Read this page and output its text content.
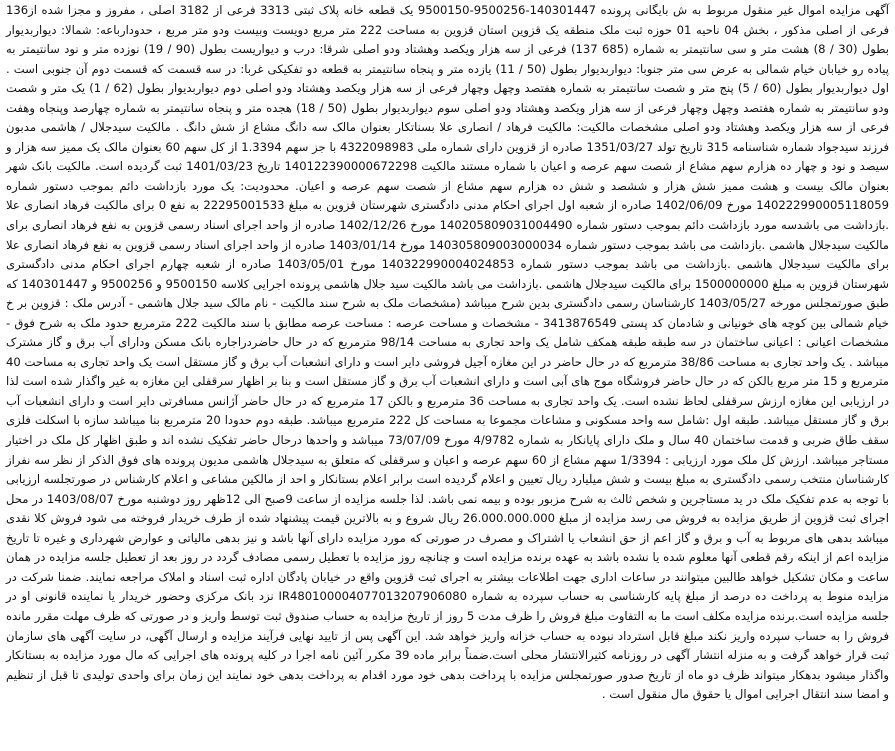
آگهی مزایده اموال غیر منقول مربوط به ش بایگانی پرونده 140301447-9500256-9500150 یک قطعه خانه پلاک ثبتی 3313 فرعی از 3182 اصلی ، مفروز و مجزا شده از136 فرعی از اصلی مذکور ، بخش 04 ناحیه 01 حوزه ثبت ملک منطقه یک قزوین استان قزوین به مساحت 222 متر مربع دویست وبیست ودو متر مربع ، حدودارباعه: شمالا: دیواربدیوار بطول (30 / 8) هشت متر و سی سانتیمتر به شماره (685 137) فرعی از سه هزار ویکصد وهشتاد ودو اصلی شرقا: درب و دیواریست بطول (90 / 19) نوزده متر و نود سانتیمتر به پیاده رو خیابان خیام شمالی به عرض سی متر جنوبا: دیواربدیوار بطول (50 / 11) یازده متر و پنجاه سانتیمتر به قطعه دو تفکیکی غربا: در سه قسمت که قسمت دوم آن جنوبی است . اول دیواربدیوار بطول (60 / 5) پنج متر و شصت سانتیمتر به شماره هفتصد وچهل وچهار فرعی از سه هزار ویکصد وهشتاد ودو اصلی دوم دیواربدیوار بطول (62 / 1) یک متر و شصت ودو سانتیمتر به شماره هفتصد وچهل وچهار فرعی از سه هزار ویکصد وهشتاد ودو اصلی سوم دیواربدیوار بطول (50 / 18) هجده متر و پنجاه سانتیمتر به شماره چهارصد وپنجاه وهفت فرعی از سه هزار ویکصد وهشتاد ودو اصلی مشخصات مالکیت: مالکیت فرهاد / انصاری علا بسناتکار بعنوان مالک سه دانگ مشاع از شش دانگ . مالکیت سیدجلال / هاشمی مدبون فرزند سیدجواد شماره شناسنامه 315 تاریخ تولد 1351/03/27 صادره از قزوین دارای شماره ملی 4322098983 با جز سهم 1.3394 از کل سهم 60 بعنوان مالک یک ممیز سه هزار و سیصد و نود و چهار ده هزارم سهم مشاع از شصت سهم عرصه و اعیان با شماره مستند مالکیت 140122390000672298 تاریخ 1401/03/23 ثبت گردیده است. مالکیت بانک شهر بعنوان مالک بیست و هشت ممیز شش هزار و ششصد و شش ده هزارم سهم مشاع از شصت سهم عرصه و اعیان. محدودیت: یک مورد بازداشت دائم بموجب دستور شماره 140222990005118059 مورخ 1402/06/09 صادره از شعبه اول اجرای احکام مدنی دادگستری شهرستان قزوین به مبلغ 22295001533 به نفع 0 برای مالکیت فرهاد انصاری علا .بازداشت می باشدسه مورد بازداشت دائم بموجب دستور شماره 140205809031004490 مورخ 1402/12/26 صادره از واحد اجرای اسناد رسمی قزوین به نفع فرهاد انصاری برای مالکیت سیدجلال هاشمی .بازداشت می باشد بموجب دستور شماره 140305809003000034 مورخ 1403/01/14 صادره از واحد اجرای اسناد رسمی قزوین به نفع فرهاد انصاری علا برای مالکیت سیدجلال هاشمی .بازداشت می باشد بموجب دستور شماره 140322990004024853 مورخ 1403/05/01 صادره از شعبه چهارم اجرای احکام مدنی دادگستری شهرستان قزوین به مبلغ 1500000000 برای مالکیت سیدجلال هاشمی .بازداشت می باشد مالکیت سید جلال هاشمی پرونده اجرایی کلاسه 9500150 و 9500256 و 140301447 که طبق صورتمجلس مورخه 1403/05/27 کارشناسان رسمی دادگستری بدین شرح میباشد (مشخصات ملک به شرح سند مالکیت - نام مالک سید جلال هاشمی - آدرس ملک : قزوین بر خ خیام شمالی بین کوچه های خونیانی و شادمان کد پستی 3413876549 - مشخصات و مساحت عرصه : مساحت عرصه مطابق با سند مالکیت 222 مترمربع حدود ملک به شرح فوق - مشخصات اعیانی : اعیانی ساختمان در سه طبقه طبقه همکف شامل یک واحد تجاری به مساحت 98/14 مترمربع که در حال حاضردراجاره بانک مسکن ودارای آب برق و گاز مشترک میباشد . یک واحد تجاری به مساحت 38/86 مترمربع که در حال حاضر در این مغازه آجیل فروشی دایر است و دارای انشعبات آب برق و گاز مستقل است یک واحد تجاری به مساحت 40 مترمربع و 15 متر مربع بالکن که در حال حاضر فروشگاه موج های آبی است و دارای انشعبات آب برق و گاز مستقل است و بنا بر اظهار سرقفلی این مغازه به غیر واگذار شده است لذا در ارزیابی این مغازه ارزش سرقفلی لحاظ نشده است. یک واحد تجاری به مساحت 36 مترمربع و بالکن 17 مترمربع که در حال حاضر آژانس مسافرتی دایر است و دارای انشعبات آب برق و گاز مستقل میباشد. طبقه اول :شامل سه واحد مسکونی و مشاعات مجموعا به مساحت کل 222 مترمربع میباشد. طبقه دوم حدودا 20 مترمربع بنا میباشد سازه با اسکلت فلزی سقف طاق ضربی و قدمت ساختمان 40 سال و ملک دارای پایانکار به شماره 4/9782 مورخ 73/07/09 میباشد و واحدها درحال حاضر تفکیک نشده اند و طبق اظهار کل ملک در اختیار مستاجر میباشد. ارزش کل ملک مورد ارزیابی : 1/3394 سهم مشاع از 60 سهم عرصه و اعیان و سرقفلی که متعلق به سیدجلال هاشمی مدیون پرونده های فوق الذکر از نظر سه نفراز کارشناسان منتخب رسمی دادگستری به مبلغ بیست و شش میلیارد ریال تعیین و اعلام گردیده است برابر اعلام بستانکار و احد از مالکین مشاعی و اعلام کارشناس در صورتجلسه ارزیابی با توجه به عدم تفکیک ملک در ید مستاجرین و شخص ثالث به شرح مزبور بوده و بیمه نمی باشد. لذا جلسه مزایده از ساعت 9صبح الی 12ظهر روز دوشنبه مورخ 1403/08/07 در محل اجرای ثبت قزوین از طریق مزایده به فروش می رسد مزایده از مبلغ 26.000.000.000 ریال شروع و به بالاترین قیمت پیشنهاد شده از طرف خریدار فروخته می شود فروش کلا نقدی میباشد بدهی های مربوط به آب و برق و گاز اعم از حق انشعاب یا اشتراک و مصرف در صورتی که مورد مزایده دارای آنها باشد و نیز بدهی مالیاتی و عوارض شهرداری و غیره تا تاریخ مزایده اعم از اینکه رقم قطعی آنها معلوم شده یا نشده باشد به عهده برنده مزایده است و چنانچه روز مزایده با تعطیل رسمی مصادف گردد در روز بعد از تعطیل جلسه مزایده در همان ساعت و مکان تشکیل خواهد طالبین میتوانند در ساعات اداری جهت اطلاعات بیشتر به اجرای ثبت قزوین واقع در خیابان پادگان اداره ثبت اسناد و املاک مراجعه نمایند. ضمنا شرکت در مزایده منوط به پرداخت ده درصد از مبلغ پایه کارشناسی به حساب سپرده به شماره IR480100004077013207906080 نزد بانک مرکزی وحضور خریدار یا نماینده قانونی او در جلسه مزایده است.برنده مزایده مکلف است ما به التفاوت مبلغ فروش را ظرف مدت 5 روز از تاریخ مزایده به حساب صندوق ثبت توسط واریز و در صورتی که ظرف مهلت مقرر مانده فروش را به حساب سپرده واریز نکند مبلغ قابل استرداد نبوده به حساب خزانه واریز خواهد شد. این آگهی پس از تایید نهایی فرآیند مزایده و ارسال آگهی، در سایت آگهی های سازمان ثبت قرار خواهد گرفت و به منزله انتشار آگهی در روزنامه کثیرالانتشار محلی است.ضمناً برابر ماده 39 مکرر آئین نامه اجرا در کلیه پرونده های اجرایی که مال مورد مزایده به بستانکار واگذار میشود بدهکار میتواند ظرف دو ماه از تاریخ صدور صورتمجلس مزایده با پرداخت بدهی خود مورد اقدام به پرداخت بدهی خود نمایند این زمان برای واحدی تولیدی تا قبل از تنظیم و امضا سند انتقال اجرایی اموال یا حقوق مال منقول است .
